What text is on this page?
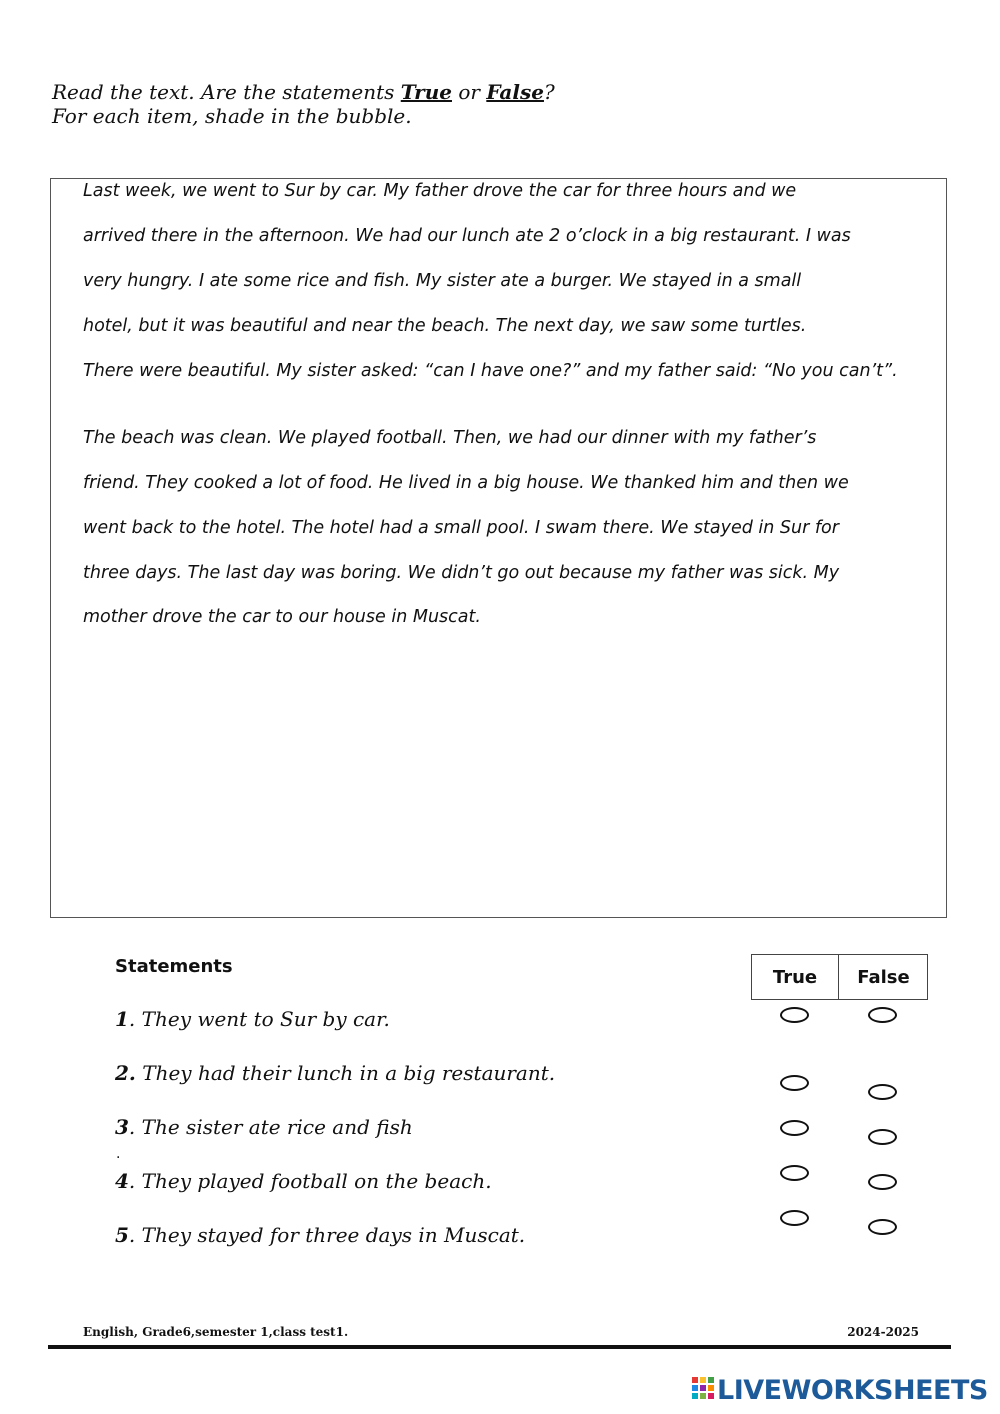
Read the text. Are the statements True or False?
For each item, shade in the bubble.
Last week, we went to Sur by car. My father drove the car for three hours and we
arrived there in the afternoon. We had our lunch ate 2 o’clock in a big restaurant. I was
very hungry. I ate some rice and fish. My sister ate a burger. We stayed in a small
hotel, but it was beautiful and near the beach. The next day, we saw some turtles.
There were beautiful. My sister asked: “can I have one?” and my father said: “No you can’t”.
The beach was clean. We played football. Then, we had our dinner with my father’s
friend. They cooked a lot of food. He lived in a big house. We thanked him and then we
went back to the hotel. The hotel had a small pool. I swam there. We stayed in Sur for
three days. The last day was boring. We didn’t go out because my father was sick. My
mother drove the car to our house in Muscat.
Statements	True	False
1. They went to Sur by car.
2. They had their lunch in a big restaurant.
3. The sister ate rice and fish
.
4. They played football on the beach.
5. They stayed for three days in Muscat.
English, Grade6,semester 1,class test1.	2024-2025
LIVEWORKSHEETS
